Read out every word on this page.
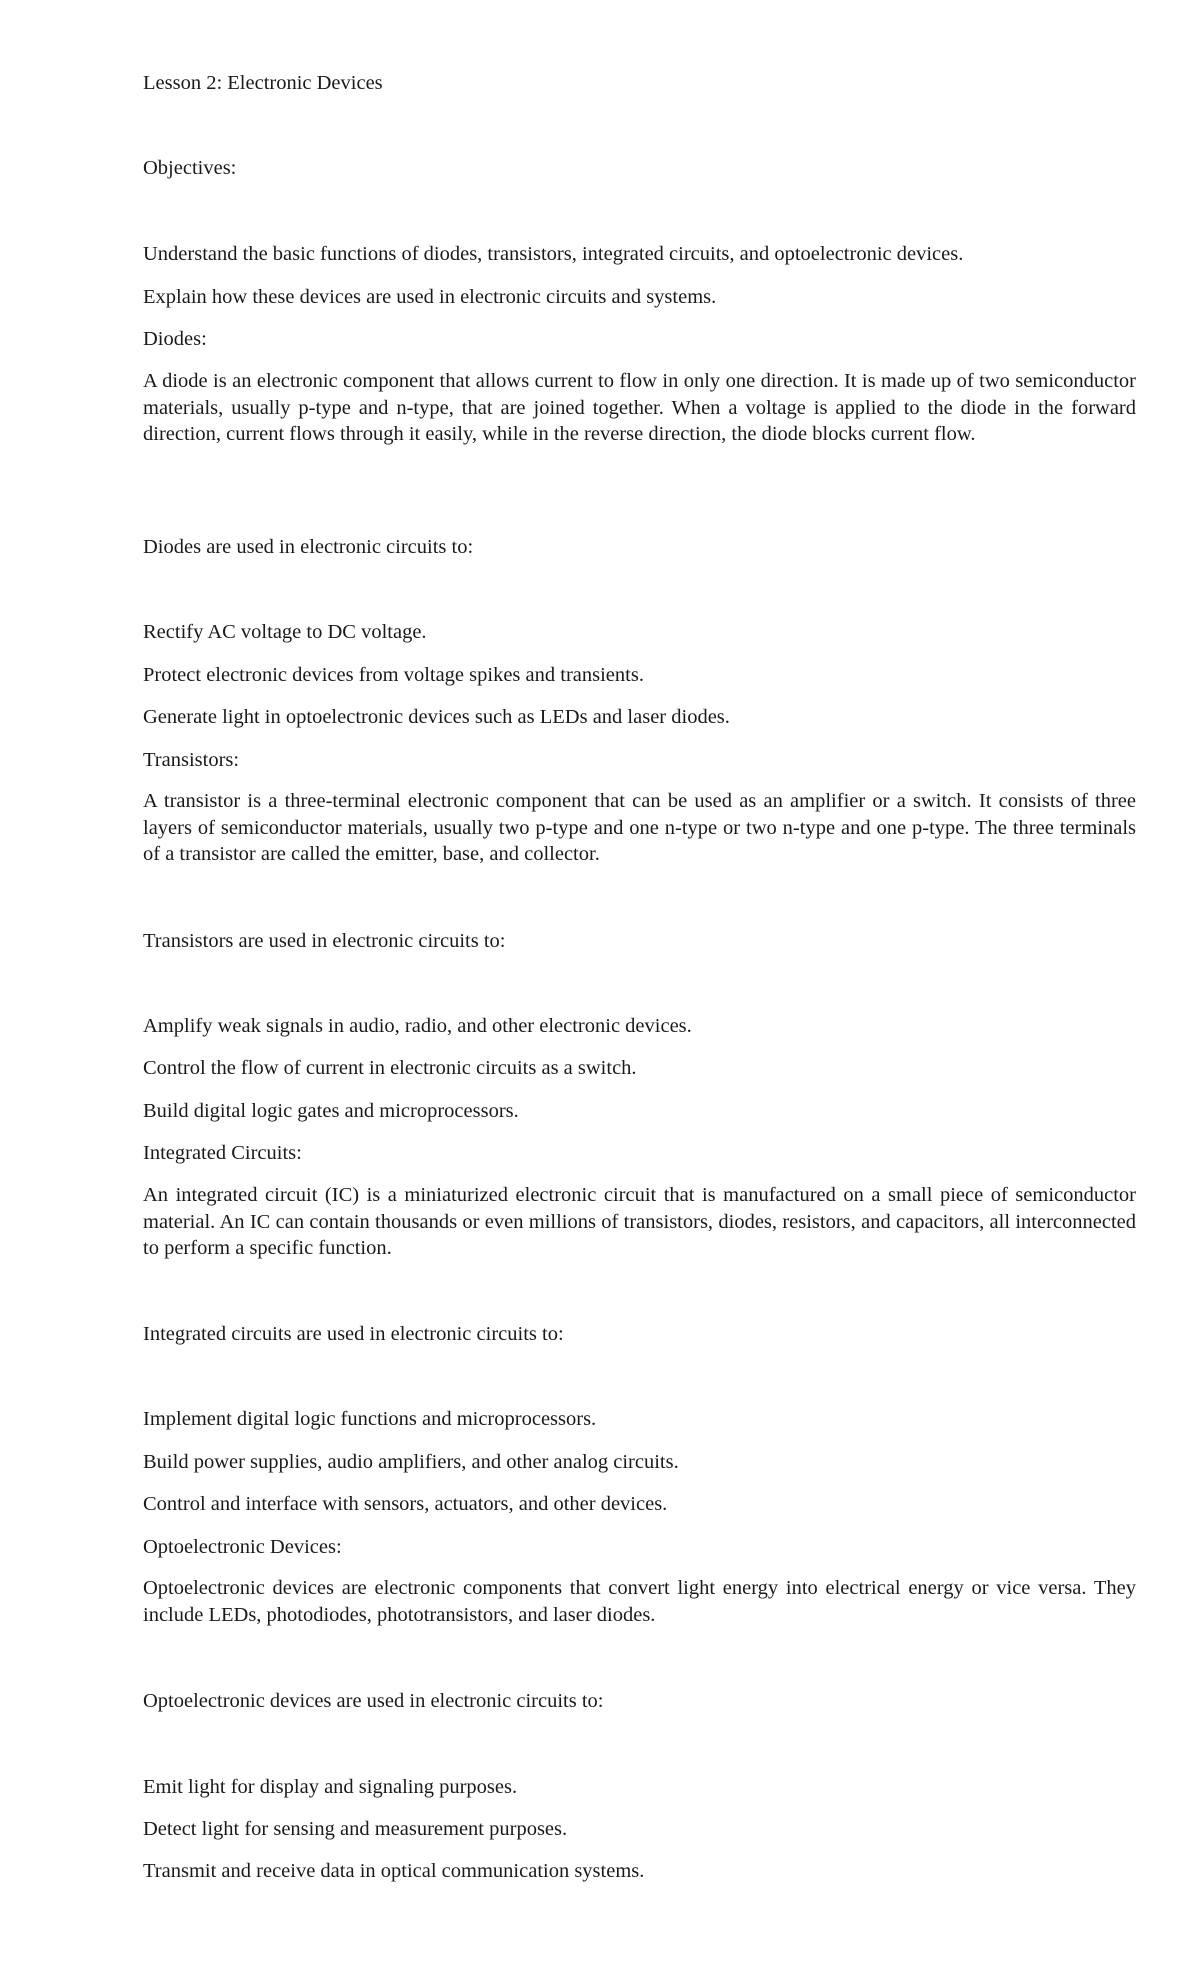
Lesson 2: Electronic Devices
Objectives:
Understand the basic functions of diodes, transistors, integrated circuits, and optoelectronic devices.
Explain how these devices are used in electronic circuits and systems.
Diodes:
A diode is an electronic component that allows current to flow in only one direction. It is made up of two semiconductor materials, usually p-type and n-type, that are joined together. When a voltage is applied to the diode in the forward direction, current flows through it easily, while in the reverse direction, the diode blocks current flow.
Diodes are used in electronic circuits to:
Rectify AC voltage to DC voltage.
Protect electronic devices from voltage spikes and transients.
Generate light in optoelectronic devices such as LEDs and laser diodes.
Transistors:
A transistor is a three-terminal electronic component that can be used as an amplifier or a switch. It consists of three layers of semiconductor materials, usually two p-type and one n-type or two n-type and one p-type. The three terminals of a transistor are called the emitter, base, and collector.
Transistors are used in electronic circuits to:
Amplify weak signals in audio, radio, and other electronic devices.
Control the flow of current in electronic circuits as a switch.
Build digital logic gates and microprocessors.
Integrated Circuits:
An integrated circuit (IC) is a miniaturized electronic circuit that is manufactured on a small piece of semiconductor material. An IC can contain thousands or even millions of transistors, diodes, resistors, and capacitors, all interconnected to perform a specific function.
Integrated circuits are used in electronic circuits to:
Implement digital logic functions and microprocessors.
Build power supplies, audio amplifiers, and other analog circuits.
Control and interface with sensors, actuators, and other devices.
Optoelectronic Devices:
Optoelectronic devices are electronic components that convert light energy into electrical energy or vice versa. They include LEDs, photodiodes, phototransistors, and laser diodes.
Optoelectronic devices are used in electronic circuits to:
Emit light for display and signaling purposes.
Detect light for sensing and measurement purposes.
Transmit and receive data in optical communication systems.
